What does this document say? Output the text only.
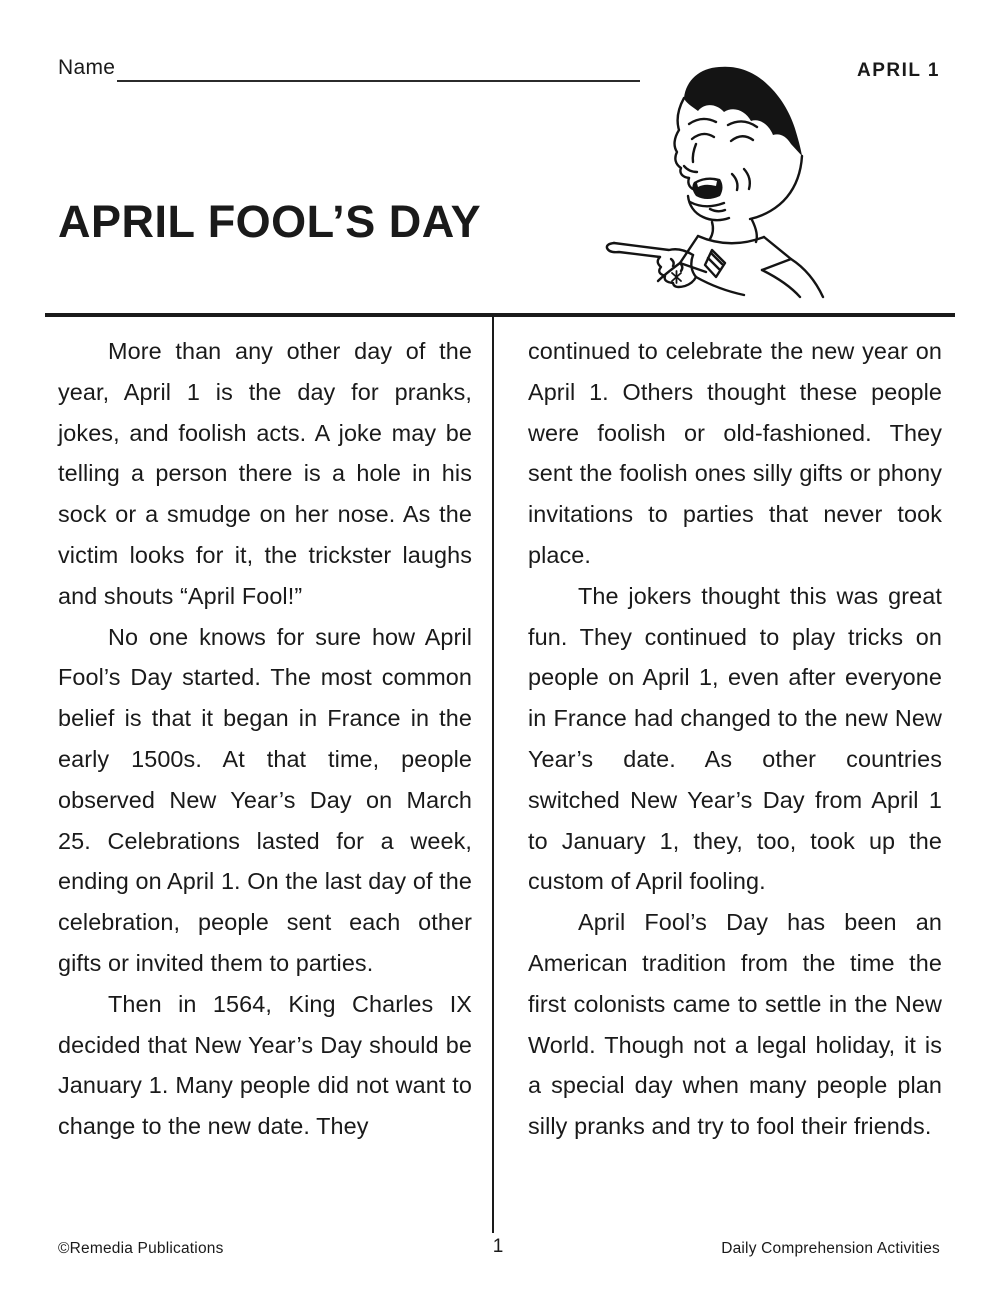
Name	APRIL 1
APRIL FOOL’S DAY

More than any other day of the year, April 1 is the day for pranks, jokes, and foolish acts. A joke may be telling a person there is a hole in his sock or a smudge on her nose. As the victim looks for it, the trickster laughs and shouts “April Fool!”

No one knows for sure how April Fool’s Day started. The most common belief is that it began in France in the early 1500s. At that time, people observed New Year’s Day on March 25. Celebrations lasted for a week, ending on April 1. On the last day of the celebration, people sent each other gifts or invited them to parties.

Then in 1564, King Charles IX decided that New Year’s Day should be January 1. Many people did not want to change to the new date. They

continued to celebrate the new year on April 1. Others thought these people were foolish or old-fashioned. They sent the foolish ones silly gifts or phony invitations to parties that never took place.

The jokers thought this was great fun. They continued to play tricks on people on April 1, even after everyone in France had changed to the new New Year’s date. As other countries switched New Year’s Day from April 1 to January 1, they, too, took up the custom of April fooling.

April Fool’s Day has been an American tradition from the time the first colonists came to settle in the New World. Though not a legal holiday, it is a special day when many people plan silly pranks and try to fool their friends.

©Remedia Publications	1	Daily Comprehension Activities
